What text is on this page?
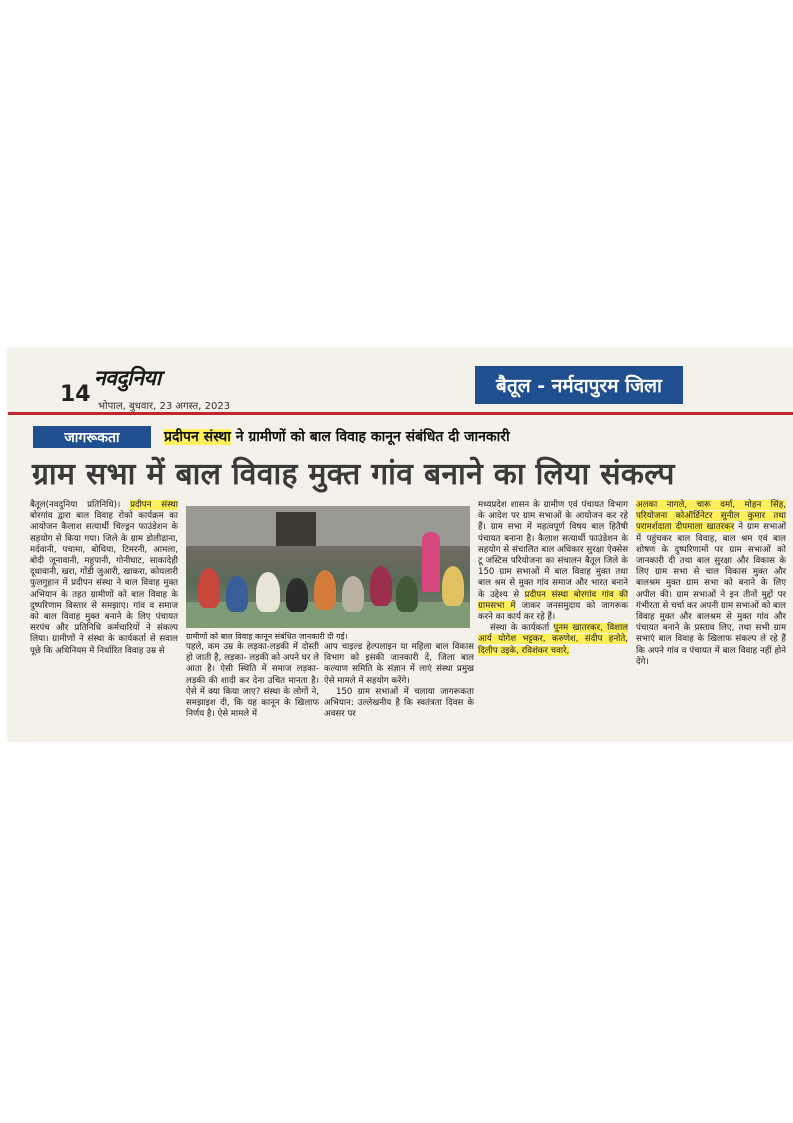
14
नवदुनिया
भोपाल, बुधवार, 23 अगस्त, 2023
बैतूल - नर्मदापुरम जिला
जागरूकता	प्रदीपन संस्था ने ग्रामीणों को बाल विवाह कानून संबंधित दी जानकारी
ग्राम सभा में बाल विवाह मुक्त गांव बनाने का लिया संकल्प

बैतूल(नवदुनिया प्रतिनिधि)। प्रदीपन संस्था बोरगांव द्वारा बाल विवाह रोको कार्यक्रम का आयोजन कैलाश सत्यार्थी चिल्ड्रन फाउंडेशन के सहयोग से किया गया। जिले के ग्राम डोलीढाना, मर्दवानी, पचामा, बोथिया, टिमरनी, आमला, बोदी जूनावानी, महुपानी, गोनीघाट, साकादेही दूधावानी, खरा, गोंडी जुआरी, खाकरा, कोयलारी फुलगुहान में प्रदीपन संस्था ने बाल विवाह मुक्त अभियान के तहत ग्रामीणों को बाल विवाह के दुष्परिणाम विस्तार से समझाए। गांव व समाज को बाल विवाह मुक्त बनाने के लिए पंचायत सरपंच और प्रतिनिधि कर्मचारियों ने संकल्प लिया। ग्रामीणों ने संस्था के कार्यकर्ता से सवाल पूछे कि अधिनियम में निर्धारित विवाह उम्र से

ग्रामीणों को बाल विवाह कानून संबंधित जानकारी दी गई।

पहले, कम उम्र के लड़का-लड़की में दोस्ती हो जाती है, लड़का- लड़की को अपने घर ले आता है। ऐसी स्थिति में समाज लड़का-लड़की की शादी कर देना उचित मानता है। ऐसे में क्या किया जाए? संस्था के लोगों ने, समझाइश दी, कि यह कानून के खिलाफ निर्णय है। ऐसे मामले में

आप चाइल्ड हेल्पलाइन या महिला बाल विकास विभाग को इसकी जानकारी दें, जिला बाल कल्याण समिति के संज्ञान में लाएं संस्था प्रमुख ऐसे मामले में सहयोग करेंगे।

150 ग्राम सभाओं में चलाया जागरूकता अभियान: उल्लेखनीय है कि स्वतंत्रता दिवस के अवसर पर

मध्यप्रदेश शासन के ग्रामीण एवं पंचायत विभाग के आदेश पर ग्राम सभाओं के आयोजन कर रहे हैं। ग्राम सभा में महत्वपूर्ण विषय बाल हितैषी पंचायत बनाना है। कैलाश सत्यार्थी फाउंडेशन के सहयोग से संचालित बाल अधिकार सुरक्षा ऐक्सेस टू जस्टिस परियोजना का संचालन बैतूल जिले के 150 ग्राम सभाओं में बाल विवाह मुक्त तथा बाल श्रम से मुक्त गांव समाज और भारत बनाने के उद्देश्य से प्रदीपन संस्था बोरगांव गांव की ग्रामसभा में जाकर जनसमुदाय को जागरूक करने का कार्य कर रहे हैं।

संस्था के कार्यकर्ता पूनम खातरकर, विशाल आर्य योगेश भट्टकर, करुणेश, संदीप हनोते, दिलीप उइके, रविशंकर चवारे,

अलका नागले, चारू वर्मा, मोहन सिंह, परियोजना कोऑर्डिनेटर सुनील कुमार तथा परामर्शदाता दीपमाला खातरकर ने ग्राम सभाओं में पहुंचकर बाल विवाह, बाल श्रम एवं बाल शोषण के दुष्परिणामों पर ग्राम सभाओं को जानकारी दी तथा बाल सुरक्षा और विकास के लिए ग्राम सभा से चाल विकास मुक्त और बालश्रम मुक्त ग्राम सभा को बनाने के लिए अपील की। ग्राम सभाओं ने इन तीनों मुद्दों पर गंभीरता से चर्चा कर अपनी ग्राम सभाओं को बाल विवाह मुक्त और बालश्रम से मुक्त गांव और पंचायत बनाने के प्रस्ताव लिए, तथा सभी ग्राम सभाएं बाल विवाह के खिलाफ संकल्प ले रहे हैं कि अपने गांव व पंचायत में बाल विवाह नहीं होने देंगे।
